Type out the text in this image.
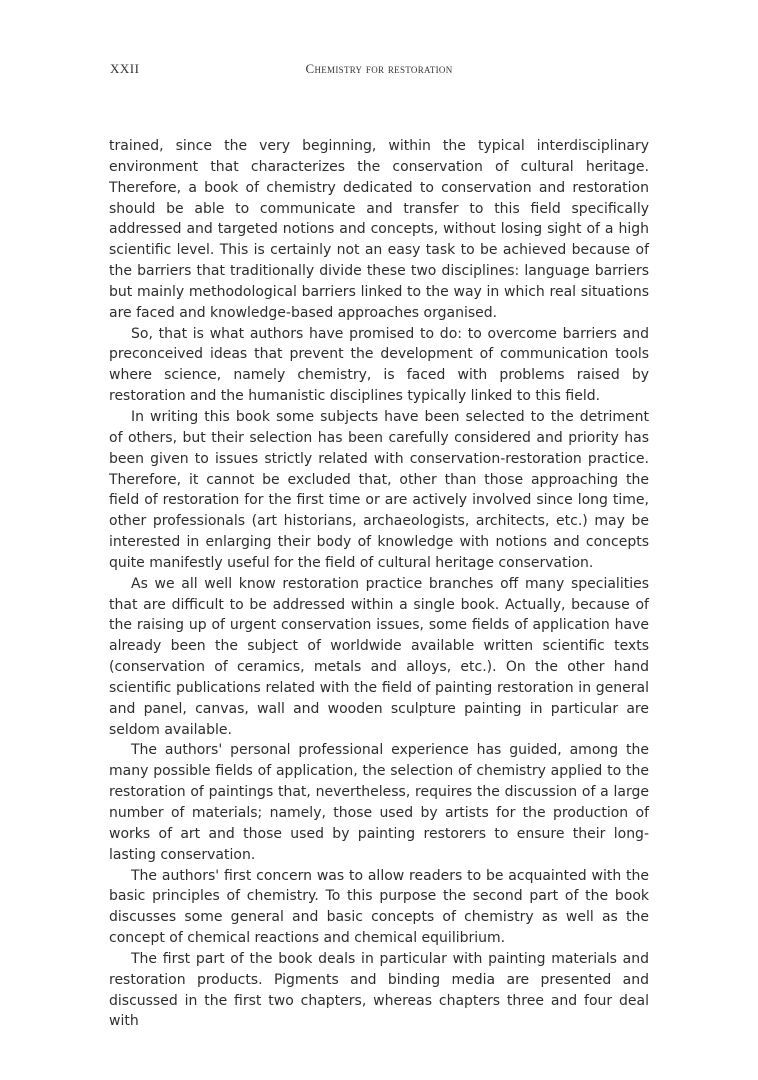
XXII	Chemistry for restoration

trained, since the very beginning, within the typical interdisciplinary environment that characterizes the conservation of cultural heritage. Therefore, a book of chemistry dedicated to conservation and restoration should be able to communicate and transfer to this field specifically addressed and targeted notions and concepts, without losing sight of a high scientific level. This is certainly not an easy task to be achieved because of the barriers that traditionally divide these two disciplines: language barriers but mainly methodological barriers linked to the way in which real situations are faced and knowledge-based approaches organised.

So, that is what authors have promised to do: to overcome barriers and preconceived ideas that prevent the development of communication tools where science, namely chemistry, is faced with problems raised by restoration and the humanistic disciplines typically linked to this field.

In writing this book some subjects have been selected to the detriment of others, but their selection has been carefully considered and priority has been given to issues strictly related with conservation-restoration practice. Therefore, it cannot be excluded that, other than those approaching the field of restoration for the first time or are actively involved since long time, other professionals (art historians, archaeologists, architects, etc.) may be interested in enlarging their body of knowledge with notions and concepts quite manifestly useful for the field of cultural heritage conservation.

As we all well know restoration practice branches off many specialities that are difficult to be addressed within a single book. Actually, because of the raising up of urgent conservation issues, some fields of application have already been the subject of worldwide available written scientific texts (conservation of ceramics, metals and alloys, etc.). On the other hand scientific publications related with the field of painting restoration in general and panel, canvas, wall and wooden sculpture painting in particular are seldom available.

The authors' personal professional experience has guided, among the many possible fields of application, the selection of chemistry applied to the restoration of paintings that, nevertheless, requires the discussion of a large number of materials; namely, those used by artists for the production of works of art and those used by painting restorers to ensure their long-lasting conservation.

The authors' first concern was to allow readers to be acquainted with the basic principles of chemistry. To this purpose the second part of the book discusses some general and basic concepts of chemistry as well as the concept of chemical reactions and chemical equilibrium.

The first part of the book deals in particular with painting materials and restoration products. Pigments and binding media are presented and discussed in the first two chapters, whereas chapters three and four deal with
